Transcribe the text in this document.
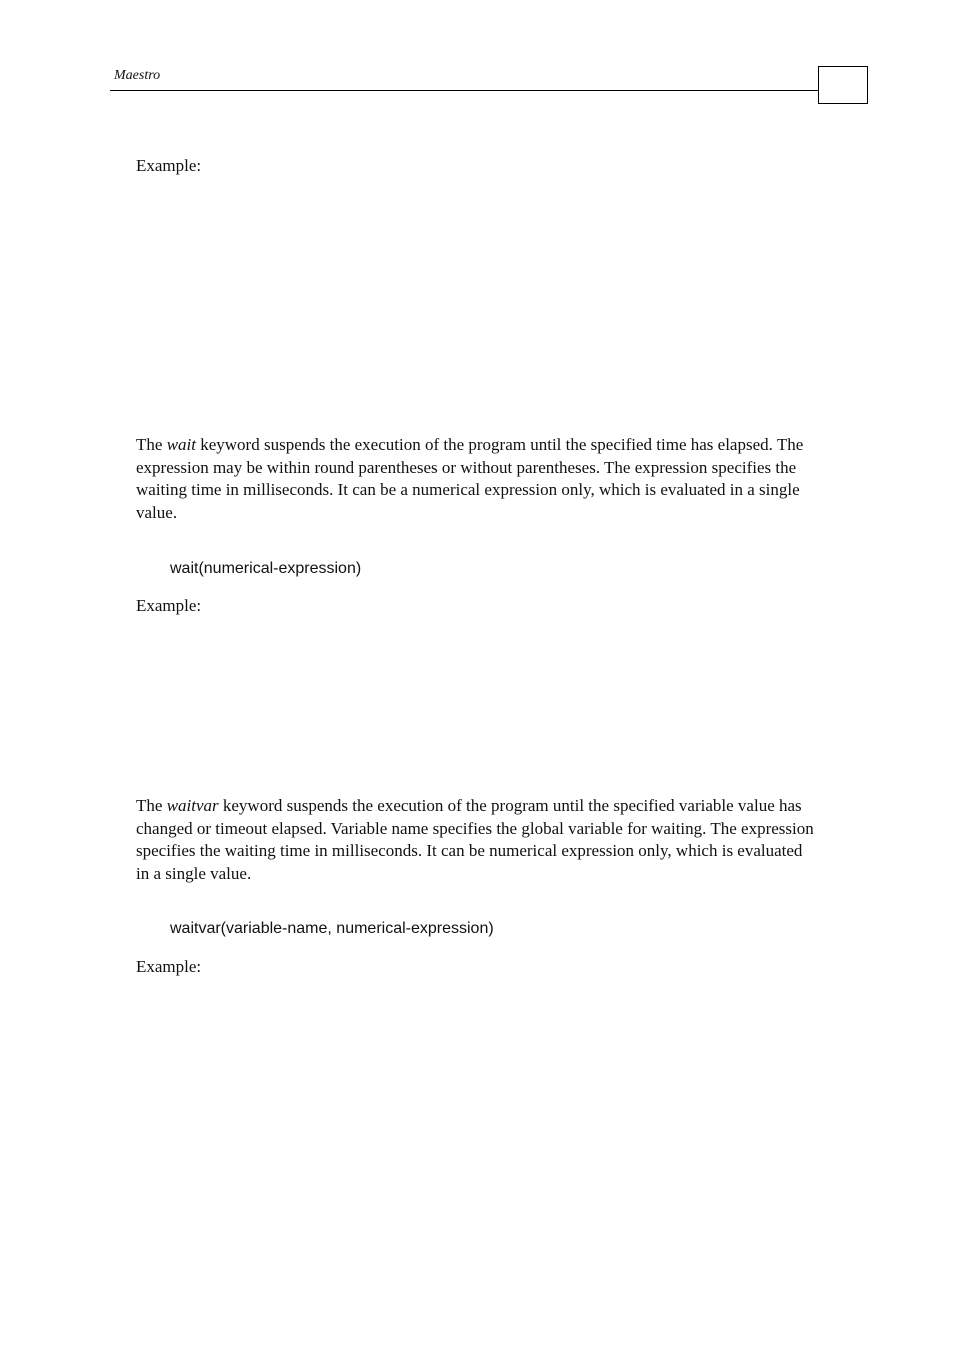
Maestro
Example:
The wait keyword suspends the execution of the program until the specified time has elapsed. The expression may be within round parentheses or without parentheses. The expression specifies the waiting time in milliseconds. It can be a numerical expression only, which is evaluated in a single value.
wait(numerical-expression)
Example:
The waitvar keyword suspends the execution of the program until the specified variable value has changed or timeout elapsed. Variable name specifies the global variable for waiting. The expression specifies the waiting time in milliseconds. It can be numerical expression only, which is evaluated in a single value.
waitvar(variable-name, numerical-expression)
Example:
